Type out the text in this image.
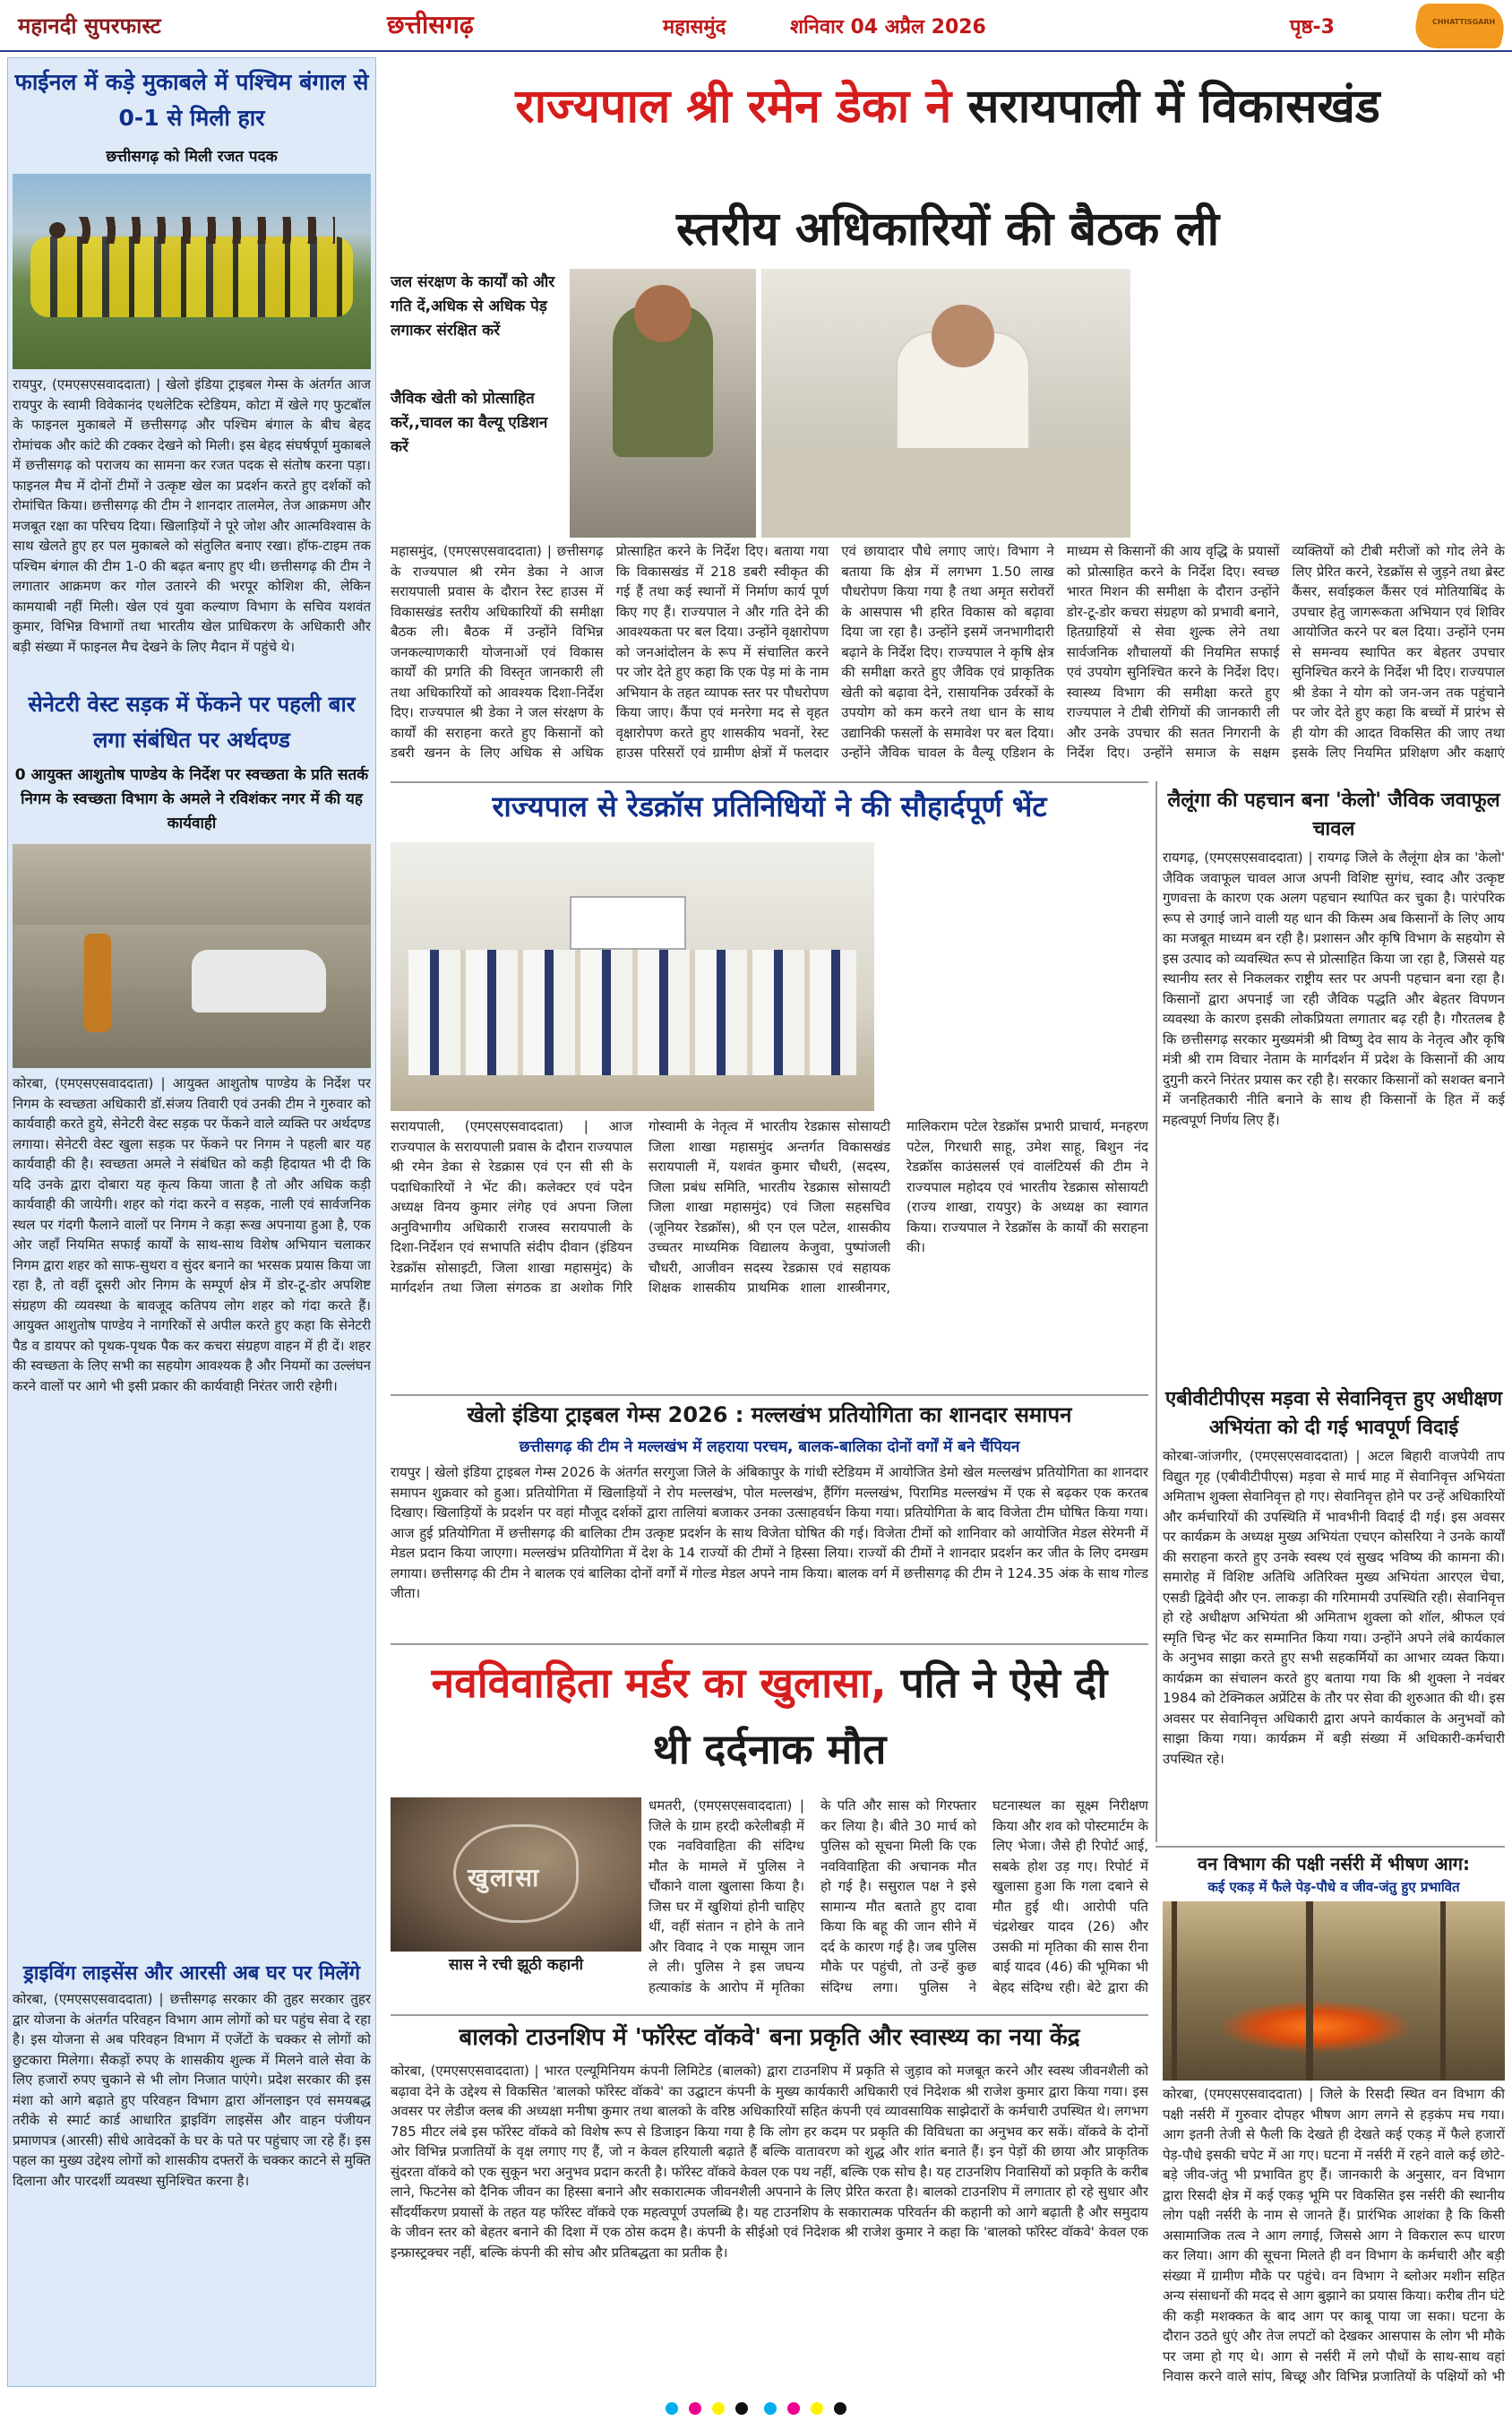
महानदी सुपरफास्ट	छत्तीसगढ़	महासमुंद	शनिवार 04 अप्रैल 2026	पृष्ठ-3	CHHATTISGARH
फाईनल में कड़े मुकाबले में पश्चिम बंगाल से 0-1 से मिली हार
छत्तीसगढ़ को मिली रजत पदक
रायपुर, (एमएसएसवाददाता) | खेलो इंडिया ट्राइबल गेम्स के अंतर्गत आज रायपुर के स्वामी विवेकानंद एथलेटिक स्टेडियम, कोटा में खेले गए फुटबॉल के फाइनल मुकाबले में छत्तीसगढ़ और पश्चिम बंगाल के बीच बेहद रोमांचक और कांटे की टक्कर देखने को मिली। इस बेहद संघर्षपूर्ण मुकाबले में छत्तीसगढ़ को पराजय का सामना कर रजत पदक से संतोष करना पड़ा। फाइनल मैच में दोनों टीमों ने उत्कृष्ट खेल का प्रदर्शन करते हुए दर्शकों को रोमांचित किया। छत्तीसगढ़ की टीम ने शानदार तालमेल, तेज आक्रमण और मजबूत रक्षा का परिचय दिया। खिलाड़ियों ने पूरे जोश और आत्मविश्वास के साथ खेलते हुए हर पल मुकाबले को संतुलित बनाए रखा। हॉफ-टाइम तक पश्चिम बंगाल की टीम 1-0 की बढ़त बनाए हुए थी। छत्तीसगढ़ की टीम ने लगातार आक्रमण कर गोल उतारने की भरपूर कोशिश की, लेकिन कामयाबी नहीं मिली। खेल एवं युवा कल्याण विभाग के सचिव यशवंत कुमार, विभिन्न विभागों तथा भारतीय खेल प्राधिकरण के अधिकारी और बड़ी संख्या में फाइनल मैच देखने के लिए मैदान में पहुंचे थे।
सेनेटरी वेस्ट सड़क में फेंकने पर पहली बार लगा संबंधित पर अर्थदण्ड
0 आयुक्त आशुतोष पाण्डेय के निर्देश पर स्वच्छता के प्रति सतर्क निगम के स्वच्छता विभाग के अमले ने रविशंकर नगर में की यह कार्यवाही
कोरबा, (एमएसएसवाददाता) | आयुक्त आशुतोष पाण्डेय के निर्देश पर निगम के स्वच्छता अधिकारी डॉ.संजय तिवारी एवं उनकी टीम ने गुरुवार को कार्यवाही करते हुये, सेनेटरी वेस्ट सड़क पर फेंकने वाले व्यक्ति पर अर्थदण्ड लगाया। सेनेटरी वेस्ट खुला सड़क पर फेंकने पर निगम ने पहली बार यह कार्यवाही की है। स्वच्छता अमले ने संबंधित को कड़ी हिदायत भी दी कि यदि उनके द्वारा दोबारा यह कृत्य किया जाता है तो और अधिक कड़ी कार्यवाही की जायेगी। शहर को गंदा करने व सड़क, नाली एवं सार्वजनिक स्थल पर गंदगी फैलाने वालों पर निगम ने कड़ा रूख अपनाया हुआ है, एक ओर जहाँ नियमित सफाई कार्यों के साथ-साथ विशेष अभियान चलाकर निगम द्वारा शहर को साफ-सुथरा व सुंदर बनाने का भरसक प्रयास किया जा रहा है, तो वहीं दूसरी ओर निगम के सम्पूर्ण क्षेत्र में डोर-टू-डोर अपशिष्ट संग्रहण की व्यवस्था के बावजूद कतिपय लोग शहर को गंदा करते हैं। आयुक्त आशुतोष पाण्डेय ने नागरिकों से अपील करते हुए कहा कि सेनेटरी पैड व डायपर को पृथक-पृथक पैक कर कचरा संग्रहण वाहन में ही दें। शहर की स्वच्छता के लिए सभी का सहयोग आवश्यक है और नियमों का उल्लंघन करने वालों पर आगे भी इसी प्रकार की कार्यवाही निरंतर जारी रहेगी।
ड्राइविंग लाइसेंस और आरसी अब घर पर मिलेंगे
कोरबा, (एमएसएसवाददाता) | छत्तीसगढ़ सरकार की तुहर सरकार तुहर द्वार योजना के अंतर्गत परिवहन विभाग आम लोगों को घर पहुंच सेवा दे रहा है। इस योजना से अब परिवहन विभाग में एजेंटों के चक्कर से लोगों को छुटकारा मिलेगा। सैकड़ों रुपए के शासकीय शुल्क में मिलने वाले सेवा के लिए हजारों रुपए चुकाने से भी लोग निजात पाएंगे। प्रदेश सरकार की इस मंशा को आगे बढ़ाते हुए परिवहन विभाग द्वारा ऑनलाइन एवं समयबद्ध तरीके से स्मार्ट कार्ड आधारित ड्राइविंग लाइसेंस और वाहन पंजीयन प्रमाणपत्र (आरसी) सीधे आवेदकों के घर के पते पर पहुंचाए जा रहे हैं। इस पहल का मुख्य उद्देश्य लोगों को शासकीय दफ्तरों के चक्कर काटने से मुक्ति दिलाना और पारदर्शी व्यवस्था सुनिश्चित करना है।
राज्यपाल श्री रमेन डेका ने सरायपाली में विकासखंड
स्तरीय अधिकारियों की बैठक ली
जल संरक्षण के कार्यों को और गति दें,अधिक से अधिक पेड़ लगाकर संरक्षित करें
जैविक खेती को प्रोत्साहित करें,,चावल का वैल्यू एडिशन करें
महासमुंद, (एमएसएसवाददाता) | छत्तीसगढ़ के राज्यपाल श्री रमेन डेका ने आज सरायपाली प्रवास के दौरान रेस्ट हाउस में विकासखंड स्तरीय अधिकारियों की समीक्षा बैठक ली। बैठक में उन्होंने विभिन्न जनकल्याणकारी योजनाओं एवं विकास कार्यों की प्रगति की विस्तृत जानकारी ली तथा अधिकारियों को आवश्यक दिशा-निर्देश दिए। राज्यपाल श्री डेका ने जल संरक्षण के कार्यों की सराहना करते हुए किसानों को डबरी खनन के लिए अधिक से अधिक प्रोत्साहित करने के निर्देश दिए। बताया गया कि विकासखंड में 218 डबरी स्वीकृत की गई हैं तथा कई स्थानों में निर्माण कार्य पूर्ण किए गए हैं। राज्यपाल ने और गति देने की आवश्यकता पर बल दिया। उन्होंने वृक्षारोपण को जनआंदोलन के रूप में संचालित करने पर जोर देते हुए कहा कि एक पेड़ मां के नाम अभियान के तहत व्यापक स्तर पर पौधरोपण किया जाए। कैंपा एवं मनरेगा मद से वृहत वृक्षारोपण करते हुए शासकीय भवनों, रेस्ट हाउस परिसरों एवं ग्रामीण क्षेत्रों में फलदार एवं छायादार पौधे लगाए जाएं। विभाग ने बताया कि क्षेत्र में लगभग 1.50 लाख पौधरोपण किया गया है तथा अमृत सरोवरों के आसपास भी हरित विकास को बढ़ावा दिया जा रहा है। उन्होंने इसमें जनभागीदारी बढ़ाने के निर्देश दिए। राज्यपाल ने कृषि क्षेत्र की समीक्षा करते हुए जैविक एवं प्राकृतिक खेती को बढ़ावा देने, रासायनिक उर्वरकों के उपयोग को कम करने तथा धान के साथ उद्यानिकी फसलों के समावेश पर बल दिया। उन्होंने जैविक चावल के वैल्यू एडिशन के माध्यम से किसानों की आय वृद्धि के प्रयासों को प्रोत्साहित करने के निर्देश दिए। स्वच्छ भारत मिशन की समीक्षा के दौरान उन्होंने डोर-टू-डोर कचरा संग्रहण को प्रभावी बनाने, हितग्राहियों से सेवा शुल्क लेने तथा सार्वजनिक शौचालयों की नियमित सफाई एवं उपयोग सुनिश्चित करने के निर्देश दिए। स्वास्थ्य विभाग की समीक्षा करते हुए राज्यपाल ने टीबी रोगियों की जानकारी ली और उनके उपचार की सतत निगरानी के निर्देश दिए। उन्होंने समाज के सक्षम व्यक्तियों को टीबी मरीजों को गोद लेने के लिए प्रेरित करने, रेडक्रॉस से जुड़ने तथा ब्रेस्ट कैंसर, सर्वाइकल कैंसर एवं मोतियाबिंद के उपचार हेतु जागरूकता अभियान एवं शिविर आयोजित करने पर बल दिया। उन्होंने एनम से समन्वय स्थापित कर बेहतर उपचार सुनिश्चित करने के निर्देश भी दिए। राज्यपाल श्री डेका ने योग को जन-जन तक पहुंचाने पर जोर देते हुए कहा कि बच्चों में प्रारंभ से ही योग की आदत विकसित की जाए तथा इसके लिए नियमित प्रशिक्षण और कक्षाएं
राज्यपाल से रेडक्रॉस प्रतिनिधियों ने की सौहार्दपूर्ण भेंट
सरायपाली, (एमएसएसवाददाता) | आज राज्यपाल के सरायपाली प्रवास के दौरान राज्यपाल श्री रमेन डेका से रेडक्रास एवं एन सी सी के पदाधिकारियों ने भेंट की। कलेक्टर एवं पदेन अध्यक्ष विनय कुमार लंगेह एवं अपना जिला अनुविभागीय अधिकारी राजस्व सरायपाली के दिशा-निर्देशन एवं सभापति संदीप दीवान (इंडियन रेडक्रॉस सोसाइटी, जिला शाखा महासमुंद) के मार्गदर्शन तथा जिला संगठक डा अशोक गिरि गोस्वामी के नेतृत्व में भारतीय रेडक्रास सोसायटी जिला शाखा महासमुंद अन्तर्गत विकासखंड सरायपाली में, यशवंत कुमार चौधरी, (सदस्य, जिला प्रबंध समिति, भारतीय रेडक्रास सोसायटी जिला शाखा महासमुंद) एवं जिला सहसचिव (जूनियर रेडक्रॉस), श्री एन एल पटेल, शासकीय उच्चतर माध्यमिक विद्यालय केजुवा, पुष्पांजली चौधरी, आजीवन सदस्य रेडक्रास एवं सहायक शिक्षक शासकीय प्राथमिक शाला शास्त्रीनगर, मालिकराम पटेल रेडक्रॉस प्रभारी प्राचार्य, मनहरण पटेल, गिरधारी साहू, उमेश साहू, बिशुन नंद रेडक्रॉस काउंसलर्स एवं वालंटियर्स की टीम ने राज्यपाल महोदय एवं भारतीय रेडक्रास सोसायटी (राज्य शाखा, रायपुर) के अध्यक्ष का स्वागत किया। राज्यपाल ने रेडक्रॉस के कार्यों की सराहना की।
लैलूंगा की पहचान बना 'केलो' जैविक जवाफूल चावल
रायगढ़, (एमएसएसवाददाता) | रायगढ़ जिले के लैलूंगा क्षेत्र का 'केलो' जैविक जवाफूल चावल आज अपनी विशिष्ट सुगंध, स्वाद और उत्कृष्ट गुणवत्ता के कारण एक अलग पहचान स्थापित कर चुका है। पारंपरिक रूप से उगाई जाने वाली यह धान की किस्म अब किसानों के लिए आय का मजबूत माध्यम बन रही है। प्रशासन और कृषि विभाग के सहयोग से इस उत्पाद को व्यवस्थित रूप से प्रोत्साहित किया जा रहा है, जिससे यह स्थानीय स्तर से निकलकर राष्ट्रीय स्तर पर अपनी पहचान बना रहा है। किसानों द्वारा अपनाई जा रही जैविक पद्धति और बेहतर विपणन व्यवस्था के कारण इसकी लोकप्रियता लगातार बढ़ रही है। गौरतलब है कि छत्तीसगढ़ सरकार मुख्यमंत्री श्री विष्णु देव साय के नेतृत्व और कृषि मंत्री श्री राम विचार नेताम के मार्गदर्शन में प्रदेश के किसानों की आय दुगुनी करने निरंतर प्रयास कर रही है। सरकार किसानों को सशक्त बनाने में जनहितकारी नीति बनाने के साथ ही किसानों के हित में कई महत्वपूर्ण निर्णय लिए हैं।
एबीवीटीपीएस मड़वा से सेवानिवृत्त हुए अधीक्षण अभियंता को दी गई भावपूर्ण विदाई
कोरबा-जांजगीर, (एमएसएसवाददाता) | अटल बिहारी वाजपेयी ताप विद्युत गृह (एबीवीटीपीएस) मड़वा से मार्च माह में सेवानिवृत्त अभियंता अमिताभ शुक्ला सेवानिवृत्त हो गए। सेवानिवृत्त होने पर उन्हें अधिकारियों और कर्मचारियों की उपस्थिति में भावभीनी विदाई दी गई। इस अवसर पर कार्यक्रम के अध्यक्ष मुख्य अभियंता एचएन कोसरिया ने उनके कार्यों की सराहना करते हुए उनके स्वस्थ एवं सुखद भविष्य की कामना की। समारोह में विशिष्ट अतिथि अतिरिक्त मुख्य अभियंता आरएल चेचा, एसडी द्विवेदी और एन. लाकड़ा की गरिमामयी उपस्थिति रही। सेवानिवृत्त हो रहे अधीक्षण अभियंता श्री अमिताभ शुक्ला को शॉल, श्रीफल एवं स्मृति चिन्ह भेंट कर सम्मानित किया गया। उन्होंने अपने लंबे कार्यकाल के अनुभव साझा करते हुए सभी सहकर्मियों का आभार व्यक्त किया। कार्यक्रम का संचालन करते हुए बताया गया कि श्री शुक्ला ने नवंबर 1984 को टेक्निकल अप्रेंटिस के तौर पर सेवा की शुरुआत की थी। इस अवसर पर सेवानिवृत्त अधिकारी द्वारा अपने कार्यकाल के अनुभवों को साझा किया गया। कार्यक्रम में बड़ी संख्या में अधिकारी-कर्मचारी उपस्थित रहे।
खेलो इंडिया ट्राइबल गेम्स 2026 : मल्लखंभ प्रतियोगिता का शानदार समापन
छत्तीसगढ़ की टीम ने मल्लखंभ में लहराया परचम, बालक-बालिका दोनों वर्गों में बने चैंपियन
रायपुर | खेलो इंडिया ट्राइबल गेम्स 2026 के अंतर्गत सरगुजा जिले के अंबिकापुर के गांधी स्टेडियम में आयोजित डेमो खेल मल्लखंभ प्रतियोगिता का शानदार समापन शुक्रवार को हुआ। प्रतियोगिता में खिलाड़ियों ने रोप मल्लखंभ, पोल मल्लखंभ, हैंगिंग मल्लखंभ, पिरामिड मल्लखंभ में एक से बढ़कर एक करतब दिखाए। खिलाड़ियों के प्रदर्शन पर वहां मौजूद दर्शकों द्वारा तालियां बजाकर उनका उत्साहवर्धन किया गया। प्रतियोगिता के बाद विजेता टीम घोषित किया गया। आज हुई प्रतियोगिता में छत्तीसगढ़ की बालिका टीम उत्कृष्ट प्रदर्शन के साथ विजेता घोषित की गई। विजेता टीमों को शानिवार को आयोजित मेडल सेरेमनी में मेडल प्रदान किया जाएगा। मल्लखंभ प्रतियोगिता में देश के 14 राज्यों की टीमों ने हिस्सा लिया। राज्यों की टीमों ने शानदार प्रदर्शन कर जीत के लिए दमखम लगाया। छत्तीसगढ़ की टीम ने बालक एवं बालिका दोनों वर्गों में गोल्ड मेडल अपने नाम किया। बालक वर्ग में छत्तीसगढ़ की टीम ने 124.35 अंक के साथ गोल्ड जीता।
नवविवाहिता मर्डर का खुलासा, पति ने ऐसे दी
थी दर्दनाक मौत
खुलासा
सास ने रची झूठी कहानी
धमतरी, (एमएसएसवाददाता) | जिले के ग्राम हरदी करेलीबड़ी में एक नवविवाहिता की संदिग्ध मौत के मामले में पुलिस ने चौंकाने वाला खुलासा किया है। जिस घर में खुशियां होनी चाहिए थीं, वहीं संतान न होने के ताने और विवाद ने एक मासूम जान ले ली। पुलिस ने इस जघन्य हत्याकांड के आरोप में मृतिका के पति और सास को गिरफ्तार कर लिया है। बीते 30 मार्च को पुलिस को सूचना मिली कि एक नवविवाहिता की अचानक मौत हो गई है। ससुराल पक्ष ने इसे सामान्य मौत बताते हुए दावा किया कि बहू की जान सीने में दर्द के कारण गई है। जब पुलिस मौके पर पहुंची, तो उन्हें कुछ संदिग्ध लगा। पुलिस ने घटनास्थल का सूक्ष्म निरीक्षण किया और शव को पोस्टमार्टम के लिए भेजा। जैसे ही रिपोर्ट आई, सबके होश उड़ गए। रिपोर्ट में खुलासा हुआ कि गला दबाने से मौत हुई थी। आरोपी पति चंद्रशेखर यादव (26) और उसकी मां मृतिका की सास रीना बाई यादव (46) की भूमिका भी बेहद संदिग्ध रही। बेटे द्वारा की
वन विभाग की पक्षी नर्सरी में भीषण आग:
कई एकड़ में फैले पेड़-पौधे व जीव-जंतु हुए प्रभावित
कोरबा, (एमएसएसवाददाता) | जिले के रिसदी स्थित वन विभाग की पक्षी नर्सरी में गुरुवार दोपहर भीषण आग लगने से हड़कंप मच गया। आग इतनी तेजी से फैली कि देखते ही देखते कई एकड़ में फैले हजारों पेड़-पौधे इसकी चपेट में आ गए। घटना में नर्सरी में रहने वाले कई छोटे-बड़े जीव-जंतु भी प्रभावित हुए हैं। जानकारी के अनुसार, वन विभाग द्वारा रिसदी क्षेत्र में कई एकड़ भूमि पर विकसित इस नर्सरी की स्थानीय लोग पक्षी नर्सरी के नाम से जानते हैं। प्रारंभिक आशंका है कि किसी असामाजिक तत्व ने आग लगाई, जिससे आग ने विकराल रूप धारण कर लिया। आग की सूचना मिलते ही वन विभाग के कर्मचारी और बड़ी संख्या में ग्रामीण मौके पर पहुंचे। वन विभाग ने ब्लोअर मशीन सहित अन्य संसाधनों की मदद से आग बुझाने का प्रयास किया। करीब तीन घंटे की कड़ी मशक्कत के बाद आग पर काबू पाया जा सका। घटना के दौरान उठते धुएं और तेज लपटों को देखकर आसपास के लोग भी मौके पर जमा हो गए थे। आग से नर्सरी में लगे पौधों के साथ-साथ वहां निवास करने वाले सांप, बिच्छू और विभिन्न प्रजातियों के पक्षियों को भी
बालको टाउनशिप में 'फॉरेस्ट वॉकवे' बना प्रकृति और स्वास्थ्य का नया केंद्र
कोरबा, (एमएसएसवाददाता) | भारत एल्यूमिनियम कंपनी लिमिटेड (बालको) द्वारा टाउनशिप में प्रकृति से जुड़ाव को मजबूत करने और स्वस्थ जीवनशैली को बढ़ावा देने के उद्देश्य से विकसित 'बालको फॉरेस्ट वॉकवे' का उद्घाटन कंपनी के मुख्य कार्यकारी अधिकारी एवं निदेशक श्री राजेश कुमार द्वारा किया गया। इस अवसर पर लेडीज क्लब की अध्यक्षा मनीषा कुमार तथा बालको के वरिष्ठ अधिकारियों सहित कंपनी एवं व्यावसायिक साझेदारों के कर्मचारी उपस्थित थे। लगभग 785 मीटर लंबे इस फॉरेस्ट वॉकवे को विशेष रूप से डिजाइन किया गया है कि लोग हर कदम पर प्रकृति की विविधता का अनुभव कर सकें। वॉकवे के दोनों ओर विभिन्न प्रजातियों के वृक्ष लगाए गए हैं, जो न केवल हरियाली बढ़ाते हैं बल्कि वातावरण को शुद्ध और शांत बनाते हैं। इन पेड़ों की छाया और प्राकृतिक सुंदरता वॉकवे को एक सुकून भरा अनुभव प्रदान करती है। फॉरेस्ट वॉकवे केवल एक पथ नहीं, बल्कि एक सोच है। यह टाउनशिप निवासियों को प्रकृति के करीब लाने, फिटनेस को दैनिक जीवन का हिस्सा बनाने और सकारात्मक जीवनशैली अपनाने के लिए प्रेरित करता है। बालको टाउनशिप में लगातार हो रहे सुधार और सौंदर्यीकरण प्रयासों के तहत यह फॉरेस्ट वॉकवे एक महत्वपूर्ण उपलब्धि है। यह टाउनशिप के सकारात्मक परिवर्तन की कहानी को आगे बढ़ाती है और समुदाय के जीवन स्तर को बेहतर बनाने की दिशा में एक ठोस कदम है। कंपनी के सीईओ एवं निदेशक श्री राजेश कुमार ने कहा कि 'बालको फॉरेस्ट वॉकवे' केवल एक इन्फ्रास्ट्रक्चर नहीं, बल्कि कंपनी की सोच और प्रतिबद्धता का प्रतीक है।
